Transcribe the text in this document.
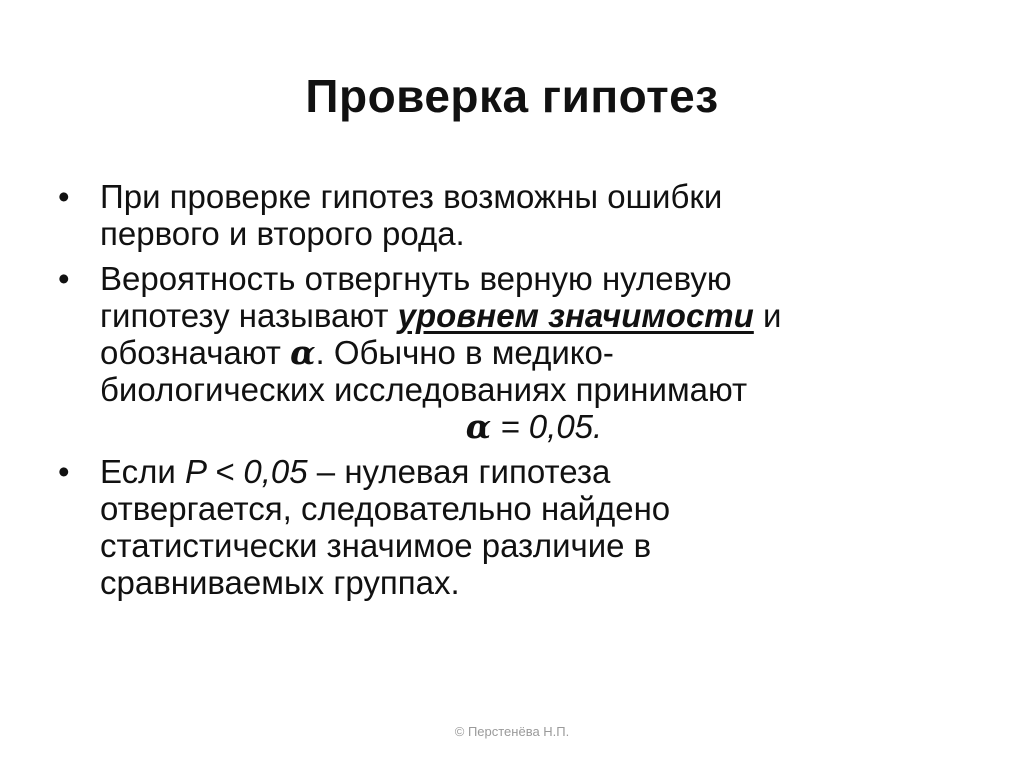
Проверка гипотез
• При проверке гипотез возможны ошибки
первого и второго рода.
• Вероятность отвергнуть верную нулевую
гипотезу называют уровнем значимости и
обозначают α. Обычно в медико-
биологических исследованиях принимают
α = 0,05.
• Если P < 0,05 – нулевая гипотеза
отвергается, следовательно найдено
статистически значимое различие в
сравниваемых группах.
© Перстенёва Н.П.
